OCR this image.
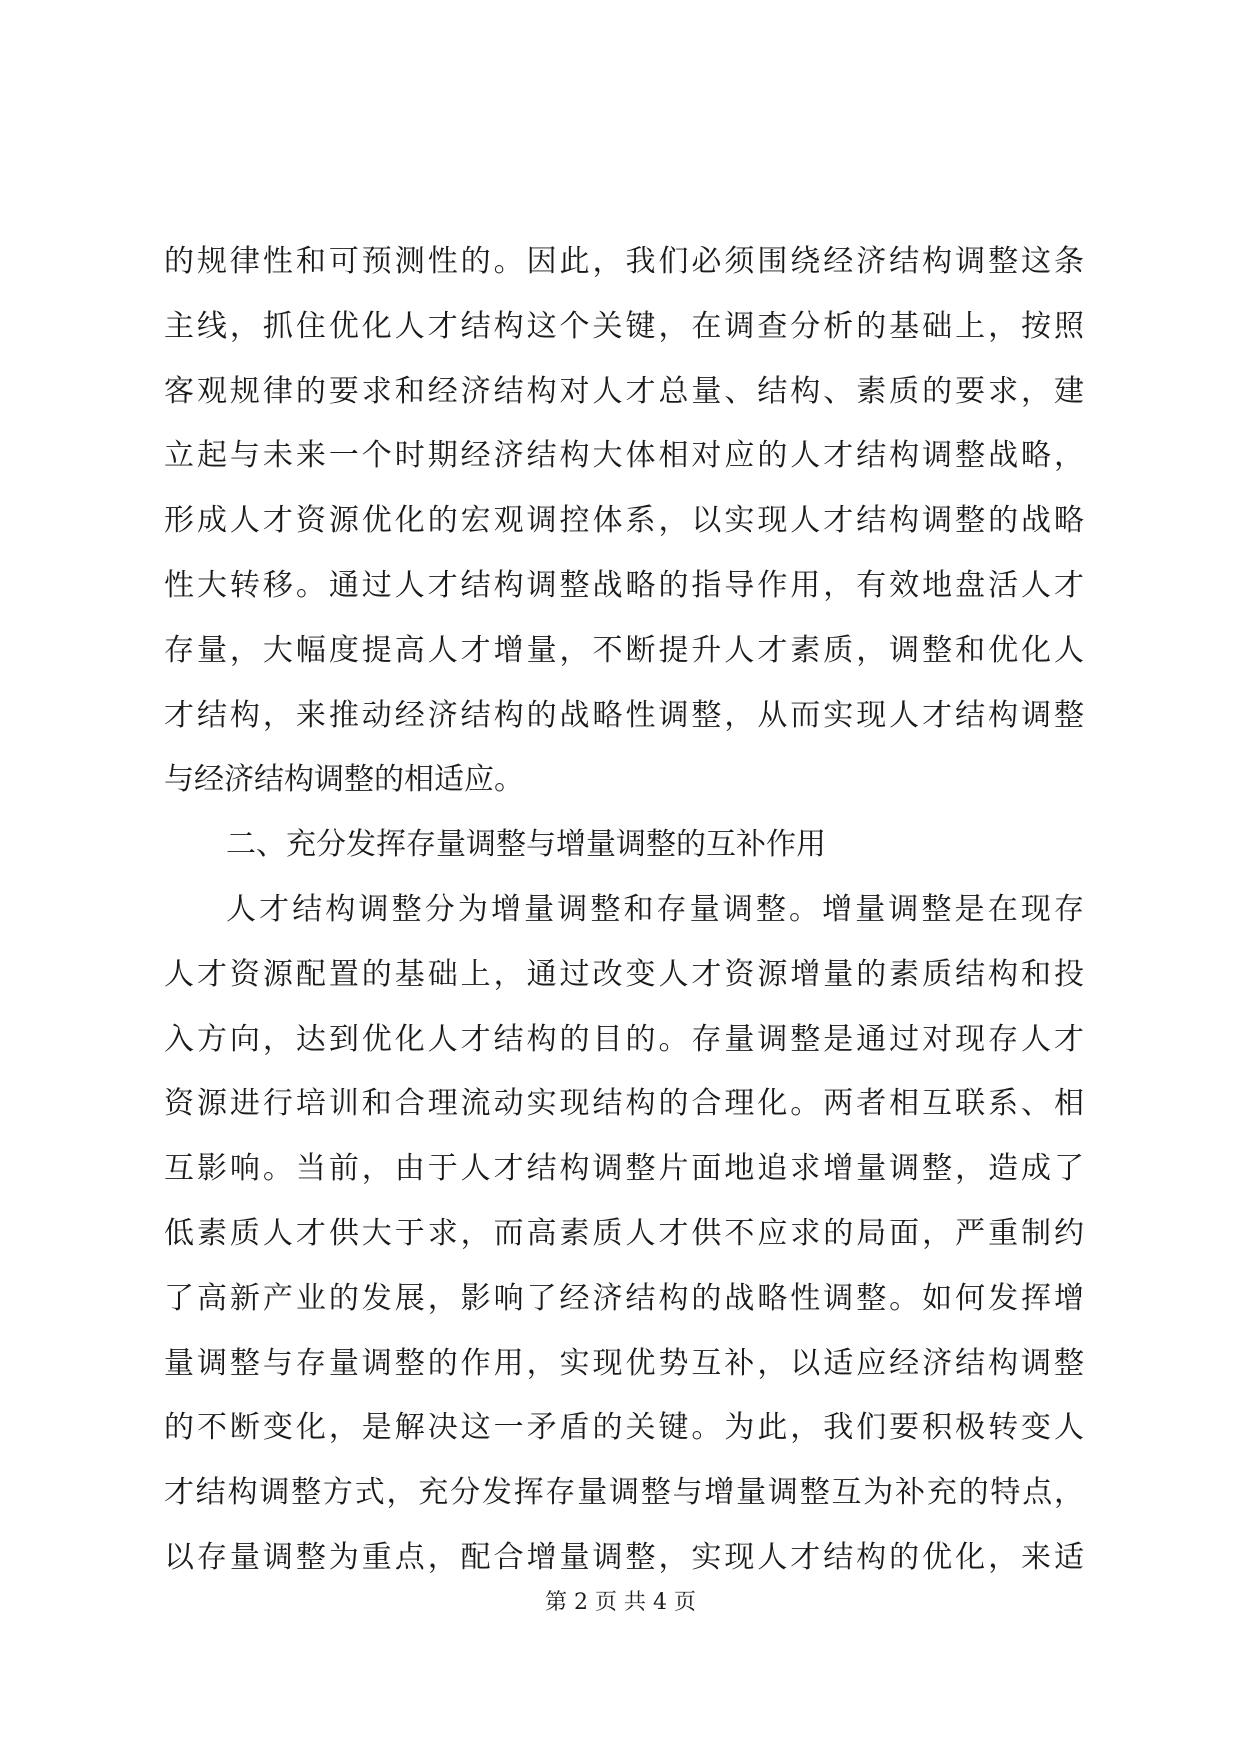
的规律性和可预测性的。因此，我们必须围绕经济结构调整这条
主线，抓住优化人才结构这个关键，在调查分析的基础上，按照
客观规律的要求和经济结构对人才总量、结构、素质的要求，建
立起与未来一个时期经济结构大体相对应的人才结构调整战略，
形成人才资源优化的宏观调控体系，以实现人才结构调整的战略
性大转移。通过人才结构调整战略的指导作用，有效地盘活人才
存量，大幅度提高人才增量，不断提升人才素质，调整和优化人
才结构，来推动经济结构的战略性调整，从而实现人才结构调整
与经济结构调整的相适应。
二、充分发挥存量调整与增量调整的互补作用
人才结构调整分为增量调整和存量调整。增量调整是在现存
人才资源配置的基础上，通过改变人才资源增量的素质结构和投
入方向，达到优化人才结构的目的。存量调整是通过对现存人才
资源进行培训和合理流动实现结构的合理化。两者相互联系、相
互影响。当前，由于人才结构调整片面地追求增量调整，造成了
低素质人才供大于求，而高素质人才供不应求的局面，严重制约
了高新产业的发展，影响了经济结构的战略性调整。如何发挥增
量调整与存量调整的作用，实现优势互补，以适应经济结构调整
的不断变化，是解决这一矛盾的关键。为此，我们要积极转变人
才结构调整方式，充分发挥存量调整与增量调整互为补充的特点，
以存量调整为重点，配合增量调整，实现人才结构的优化，来适
第 2 页 共 4 页
